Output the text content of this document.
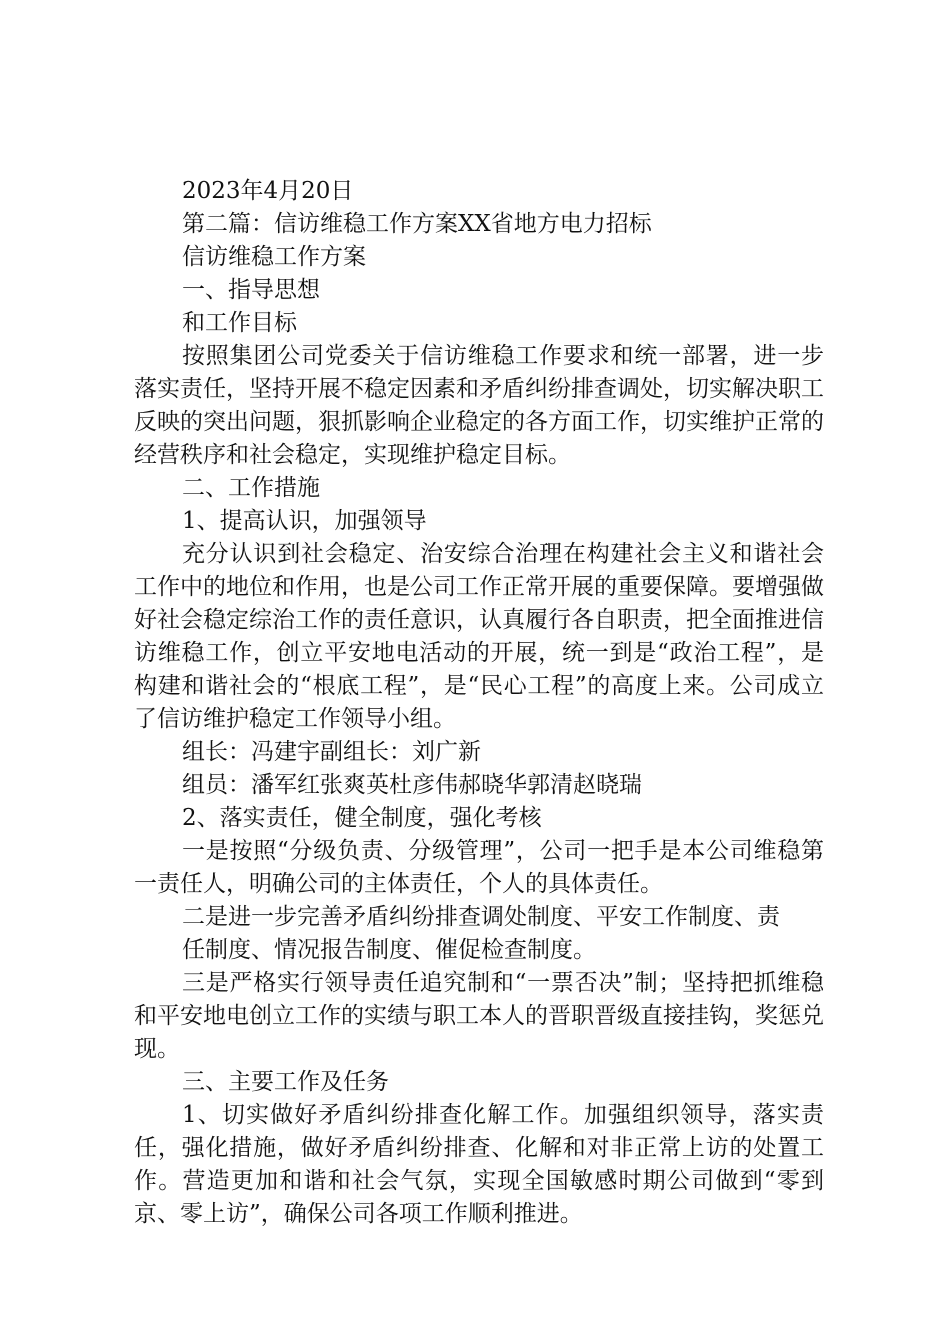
2023年4月20日

第二篇：信访维稳工作方案XX省地方电力招标

信访维稳工作方案

一、指导思想

和工作目标

按照集团公司党委关于信访维稳工作要求和统一部署，进一步落实责任，坚持开展不稳定因素和矛盾纠纷排查调处，切实解决职工反映的突出问题，狠抓影响企业稳定的各方面工作，切实维护正常的经营秩序和社会稳定，实现维护稳定目标。

二、工作措施

1、提高认识，加强领导

充分认识到社会稳定、治安综合治理在构建社会主义和谐社会工作中的地位和作用，也是公司工作正常开展的重要保障。要增强做好社会稳定综治工作的责任意识，认真履行各自职责，把全面推进信访维稳工作，创立平安地电活动的开展，统一到是“政治工程”，是构建和谐社会的“根底工程”，是“民心工程”的高度上来。公司成立了信访维护稳定工作领导小组。

组长：冯建宇副组长：刘广新

组员：潘军红张爽英杜彦伟郝晓华郭清赵晓瑞

2、落实责任，健全制度，强化考核

一是按照“分级负责、分级管理”，公司一把手是本公司维稳第一责任人，明确公司的主体责任，个人的具体责任。

二是进一步完善矛盾纠纷排查调处制度、平安工作制度、责

任制度、情况报告制度、催促检查制度。

三是严格实行领导责任追究制和“一票否决”制；坚持把抓维稳和平安地电创立工作的实绩与职工本人的晋职晋级直接挂钩，奖惩兑现。

三、主要工作及任务

1、切实做好矛盾纠纷排查化解工作。加强组织领导，落实责任，强化措施，做好矛盾纠纷排查、化解和对非正常上访的处置工作。营造更加和谐和社会气氛，实现全国敏感时期公司做到“零到京、零上访”，确保公司各项工作顺利推进。
